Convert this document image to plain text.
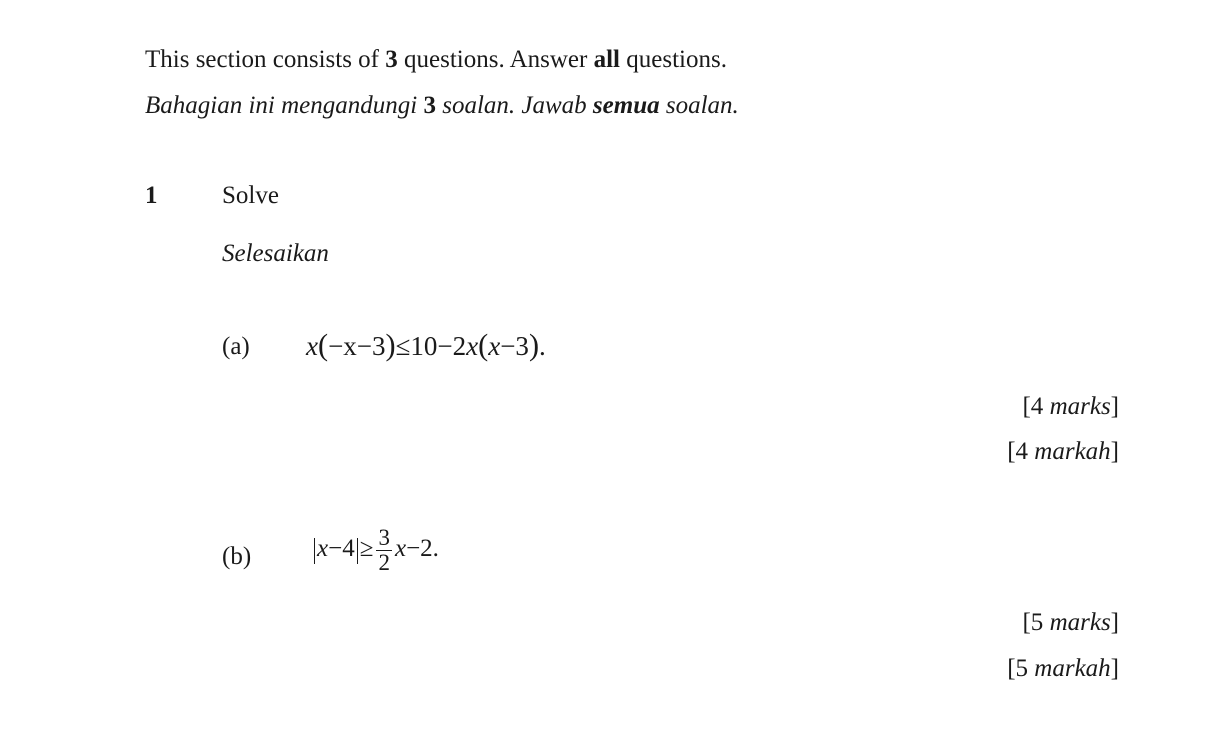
This section consists of 3 questions. Answer all questions.
Bahagian ini mengandungi 3 soalan. Jawab semua soalan.
1	Solve
Selesaikan
(a) x(−x−3)≤10−2x(x−3).
[4 marks]
[4 markah]
(b)	$x-4 \ge \frac{3}{2} x-2$.
[5 marks]
[5 markah]
